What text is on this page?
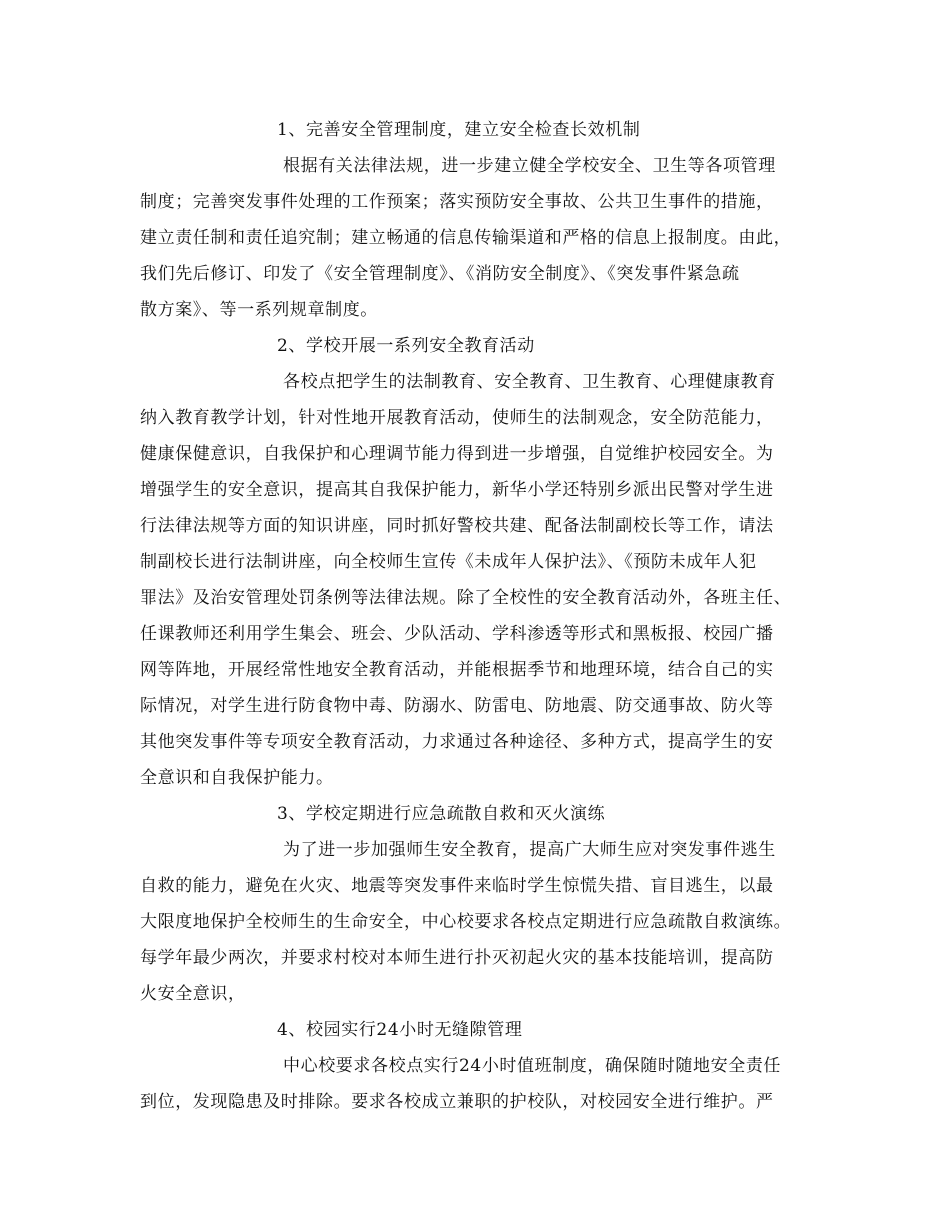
1、完善安全管理制度，建立安全检查长效机制
根据有关法律法规，进一步建立健全学校安全、卫生等各项管理
制度；完善突发事件处理的工作预案；落实预防安全事故、公共卫生事件的措施，
建立责任制和责任追究制；建立畅通的信息传输渠道和严格的信息上报制度。由此，
我们先后修订、印发了《安全管理制度》、《消防安全制度》、《突发事件紧急疏
散方案》、等一系列规章制度。
2、学校开展一系列安全教育活动
各校点把学生的法制教育、安全教育、卫生教育、心理健康教育
纳入教育教学计划，针对性地开展教育活动，使师生的法制观念，安全防范能力，
健康保健意识，自我保护和心理调节能力得到进一步增强，自觉维护校园安全。为
增强学生的安全意识，提高其自我保护能力，新华小学还特别乡派出民警对学生进
行法律法规等方面的知识讲座，同时抓好警校共建、配备法制副校长等工作，请法
制副校长进行法制讲座，向全校师生宣传《未成年人保护法》、《预防未成年人犯
罪法》及治安管理处罚条例等法律法规。除了全校性的安全教育活动外，各班主任、
任课教师还利用学生集会、班会、少队活动、学科渗透等形式和黑板报、校园广播
网等阵地，开展经常性地安全教育活动，并能根据季节和地理环境，结合自己的实
际情况，对学生进行防食物中毒、防溺水、防雷电、防地震、防交通事故、防火等
其他突发事件等专项安全教育活动，力求通过各种途径、多种方式，提高学生的安
全意识和自我保护能力。
3、学校定期进行应急疏散自救和灭火演练
为了进一步加强师生安全教育，提高广大师生应对突发事件逃生
自救的能力，避免在火灾、地震等突发事件来临时学生惊慌失措、盲目逃生，以最
大限度地保护全校师生的生命安全，中心校要求各校点定期进行应急疏散自救演练。
每学年最少两次，并要求村校对本师生进行扑灭初起火灾的基本技能培训，提高防
火安全意识，
4、校园实行24小时无缝隙管理
中心校要求各校点实行24小时值班制度，确保随时随地安全责任
到位，发现隐患及时排除。要求各校成立兼职的护校队，对校园安全进行维护。严
